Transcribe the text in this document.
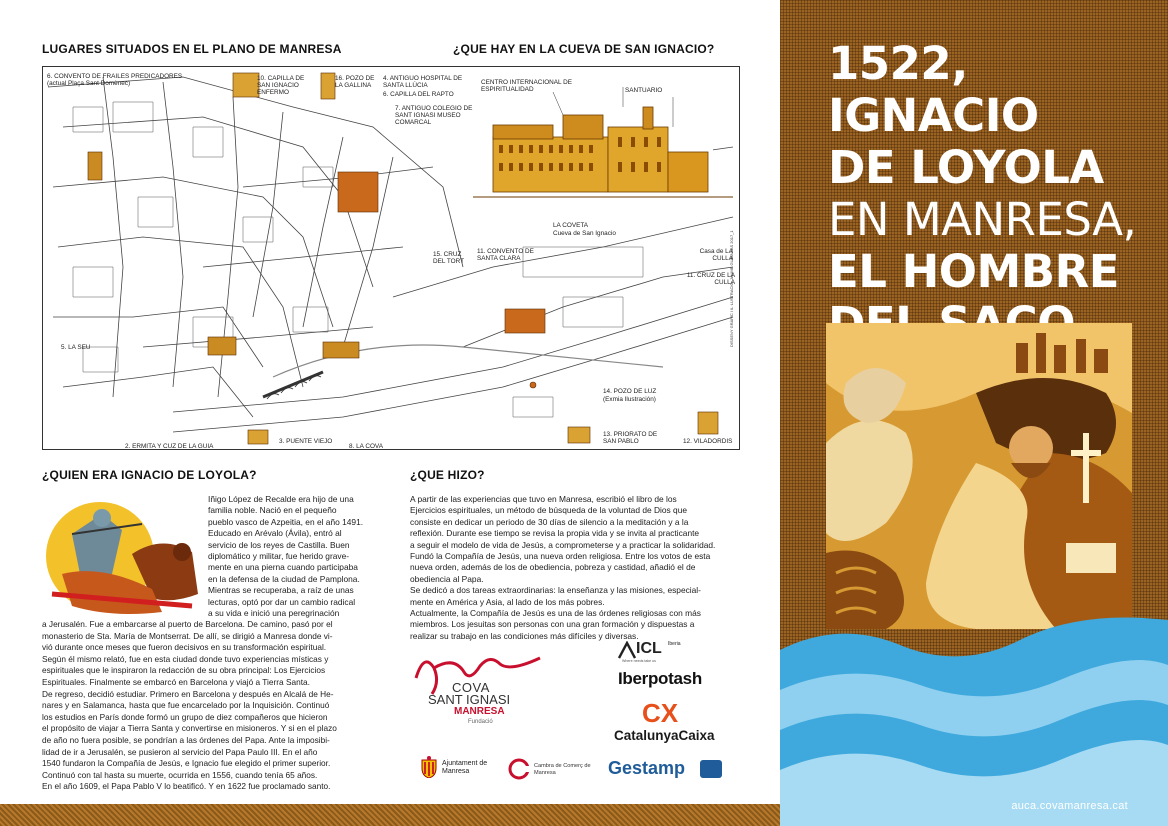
LUGARES SITUADOS EN EL PLANO DE MANRESA	¿QUE HAY EN LA CUEVA DE SAN IGNACIO?
DISSENY GRÀFIC I IL·LUSTRACIÓ: JAUME GUBIANAS 2017_1
6. CONVENTO DE FRAILES PREDICADORES (actual Plaça Sant Domènec)
10. CAPILLA DE SAN IGNACIO ENFERMO
16. POZO DE LA GALLINA
4. ANTIGUO HOSPITAL DE SANTA LLÚCIA
6. CAPILLA DEL RAPTO
7. ANTIGUO COLEGIO DE SANT IGNASI MUSEO COMARCAL
CENTRO INTERNACIONAL DE ESPIRITUALIDAD	SANTUARIO
LA COVETA
Cueva de San Ignacio
15. CRUZ DEL TORT
11. CONVENTO DE SANTA CLARA
Casa de LA CULLA
11. CRUZ DE LA CULLA
5. LA SEU
14. POZO DE LUZ
(Exmia Ilustración)
13. PRIORATO DE SAN PABLO	12. VILADORDIS
2. ERMITA Y CUZ DE LA GUIA
3. PUENTE VIEJO
8. LA COVA
¿QUIEN ERA IGNACIO DE LOYOLA?
Iñigo López de Recalde era hijo de una
familia noble. Nació en el pequeño
pueblo vasco de Azpeitia, en el año 1491.
Educado en Arévalo (Ávila), entró al
servicio de los reyes de Castilla. Buen
diplomático y militar, fue herido grave-
mente en una pierna cuando participaba
en la defensa de la ciudad de Pamplona.
Mientras se recuperaba, a raíz de unas
lecturas, optó por dar un cambio radical
a su vida e inició una peregrinación
a Jerusalén. Fue a embarcarse al puerto de Barcelona. De camino, pasó por el
monasterio de Sta. María de Montserrat. De allí, se dirigió a Manresa donde vi-
vió durante once meses que fueron decisivos en su transformación espiritual.
Según él mismo relató, fue en esta ciudad donde tuvo experiencias místicas y
espirituales que le inspiraron la redacción de su obra principal: Los Ejercicios
Espirituales. Finalmente se embarcó en Barcelona y viajó a Tierra Santa.
De regreso, decidió estudiar. Primero en Barcelona y después en Alcalá de He-
nares y en Salamanca, hasta que fue encarcelado por la Inquisición. Continuó
los estudios en París donde formó un grupo de diez compañeros que hicieron
el propósito de viajar a Tierra Santa y convertirse en misioneros. Y si en el plazo
de año no fuera posible, se pondrían a las órdenes del Papa. Ante la imposibi-
lidad de ir a Jerusalén, se pusieron al servicio del Papa Paulo III. En el año
1540 fundaron la Compañía de Jesús, e Ignacio fue elegido el primer superior.
Continuó con tal hasta su muerte, ocurrida en 1556, cuando tenía 65 años.
En el año 1609, el Papa Pablo V lo beatificó. Y en 1622 fue proclamado santo.
¿QUE HIZO?
A partir de las experiencias que tuvo en Manresa, escribió el libro de los
Ejercicios espirituales, un método de búsqueda de la voluntad de Dios que
consiste en dedicar un periodo de 30 días de silencio a la meditación y a la
reflexión. Durante ese tiempo se revisa la propia vida y se invita al practicante
a seguir el modelo de vida de Jesús, a comprometerse y a practicar la solidaridad.
Fundó la Compañía de Jesús, una nueva orden religiosa. Entre los votos de esta
nueva orden, además de los de obediencia, pobreza y castidad, añadió el de
obediencia al Papa.
Se dedicó a dos tareas extraordinarias: la enseñanza y las misiones, especial-
mente en América y Asia, al lado de los más pobres.
Actualmente, la Compañía de Jesús es una de las órdenes religiosas con más
miembros. Los jesuitas son personas con una gran formación y dispuestas a
realizar su trabajo en las condiciones más difíciles y diversas.
COVA
SANT IGNASI
MANRESA
Fundació
ICL Iberia
Where needs take us
Iberpotash
CX
CatalunyaCaixa
Ajuntament de Manresa
Cambra de Comerç de Manresa	Gestamp
1522, IGNACIO
DE LOYOLA
EN MANRESA,
EL HOMBRE
auca.covamanresa.cat
